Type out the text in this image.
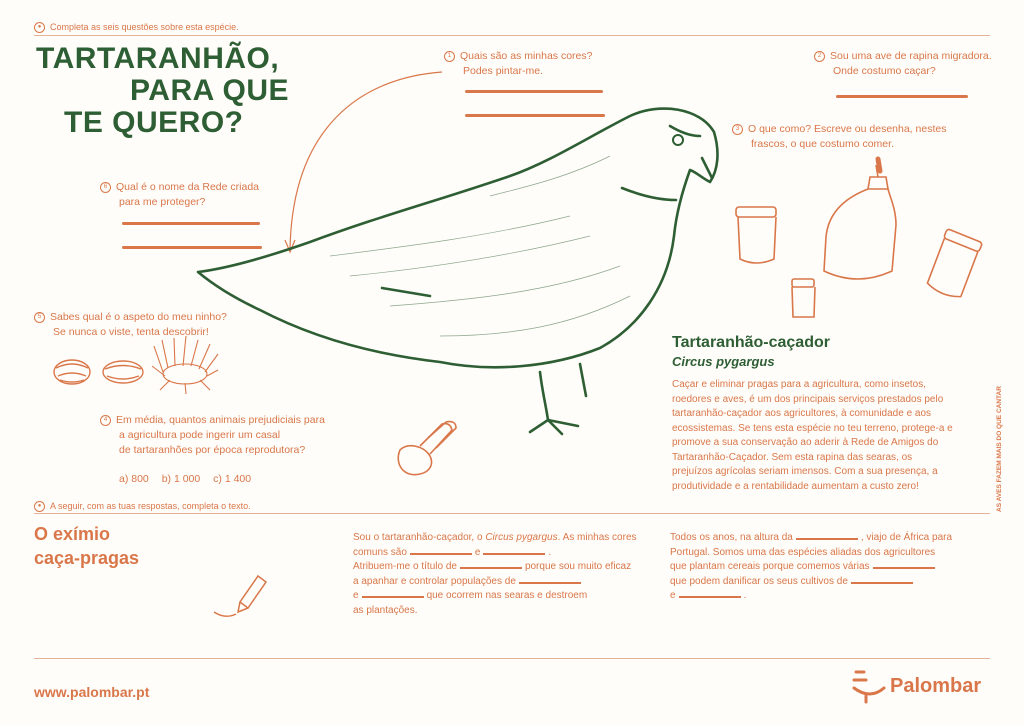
● Completa as seis questões sobre esta espécie.
TARTARANHÃO,
PARA QUE
TE QUERO?
1 Quais são as minhas cores?
Podes pintar-me.
2 Sou uma ave de rapina migradora.
Onde costumo caçar?
3 O que como? Escreve ou desenha, nestes
frascos, o que costumo comer.
6 Qual é o nome da Rede criada
para me proteger?
5 Sabes qual é o aspeto do meu ninho?
Se nunca o viste, tenta descobrir!
4 Em média, quantos animais prejudiciais para
a agricultura pode ingerir um casal
de tartaranhões por época reprodutora?
a) 800 b) 1 000 c) 1 400
Tartaranhão-caçador
Circus pygargus
Caçar e eliminar pragas para a agricultura, como insetos, roedores e aves, é um dos principais serviços prestados pelo tartaranhão-caçador aos agricultores, à comunidade e aos ecossistemas. Se tens esta espécie no teu terreno, protege-a e promove a sua conservação ao aderir à Rede de Amigos do Tartaranhão-Caçador. Sem esta rapina das searas, os prejuízos agrícolas seriam imensos. Com a sua presença, a produtividade e a rentabilidade aumentam a custo zero!	AS AVES FAZEM MAIS DO QUE CANTAR
● A seguir, com as tuas respostas, completa o texto.
O exímio
caça-pragas
Sou o tartaranhão-caçador, o Circus pygargus. As minhas cores
comuns são	e	.
Atribuem-me o título de	porque sou muito eficaz
a apanhar e controlar populações de
e	que ocorrem nas searas e destroem
as plantações.
Todos os anos, na altura da	, viajo de África para
Portugal. Somos uma das espécies aliadas dos agricultores
que plantam cereais porque comemos várias
que podem danificar os seus cultivos de
e	.
www.palombar.pt	Palombar
